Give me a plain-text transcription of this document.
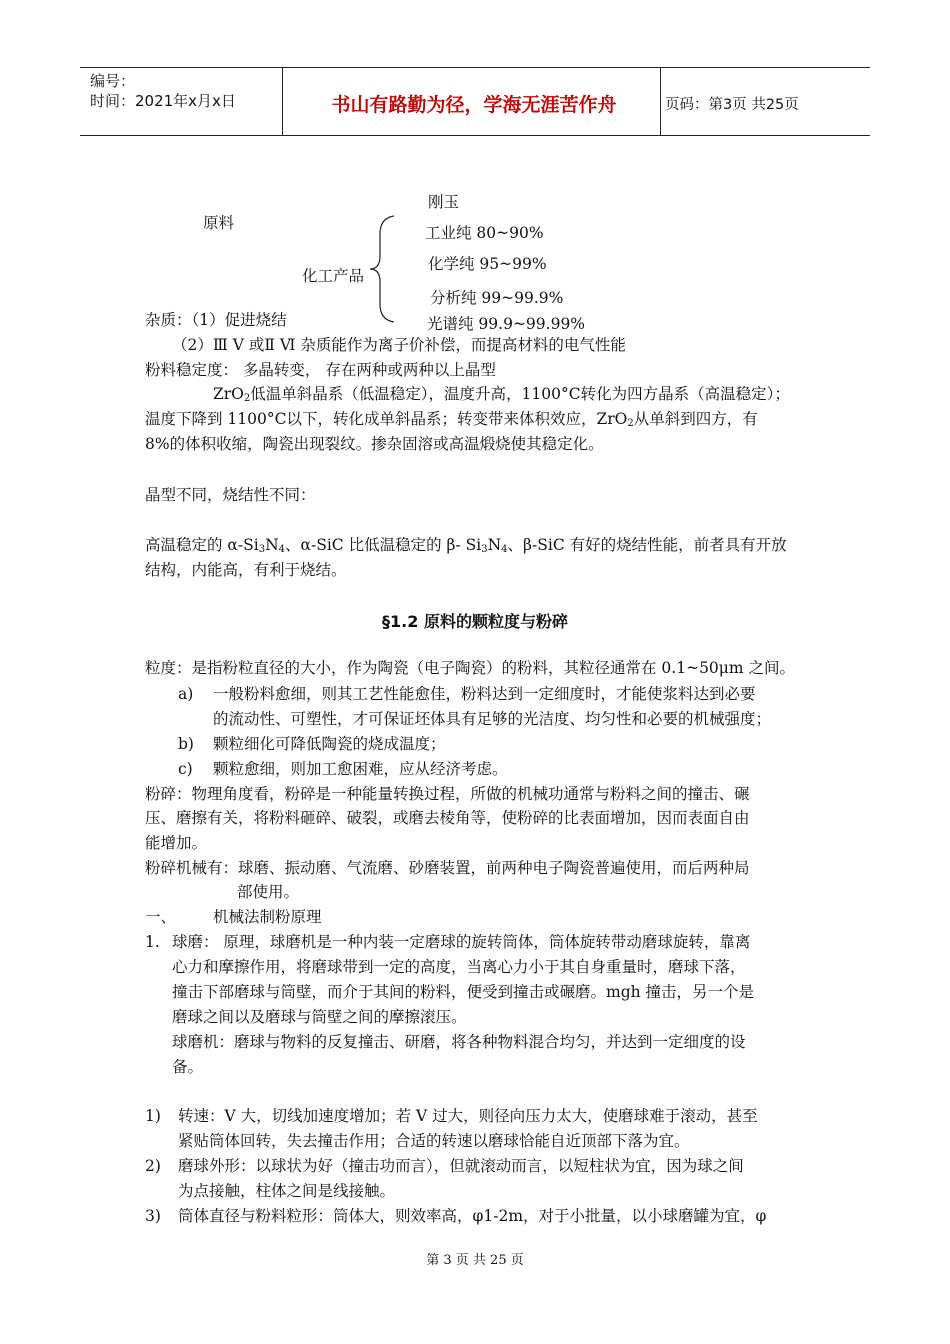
编号：
时间：2021年x月x日	书山有路勤为径，学海无涯苦作舟	页码：第3页 共25页
原料
刚玉
化工产品
工业纯 80~90%
化学纯 95~99%
分析纯 99~99.9%
光谱纯 99.9~99.99%
杂质：（1）促进烧结
（2）Ⅲ Ⅴ 或Ⅱ Ⅵ 杂质能作为离子价补偿，而提高材料的电气性能
粉料稳定度： 多晶转变， 存在两种或两种以上晶型
ZrO$_2$低温单斜晶系（低温稳定），温度升高，1100°C转化为四方晶系（高温稳定）；
温度下降到 1100°C以下，转化成单斜晶系；转变带来体积效应，ZrO$_2$从单斜到四方，有
8%的体积收缩，陶瓷出现裂纹。掺杂固溶或高温煅烧使其稳定化。
晶型不同，烧结性不同：
高温稳定的 $\alpha-Si_3N_4$、α-SiC 比低温稳定的 β- $Si_3N_4$、β-SiC 有好的烧结性能，前者具有开放
结构，内能高，有利于烧结。
§1.2 原料的颗粒度与粉碎
粒度：是指粉粒直径的大小，作为陶瓷（电子陶瓷）的粉料，其粒径通常在 0.1~50μm 之间。
a) 一般粉料愈细，则其工艺性能愈佳，粉料达到一定细度时，才能使浆料达到必要
的流动性、可塑性，才可保证坯体具有足够的光洁度、均匀性和必要的机械强度；
b) 颗粒细化可降低陶瓷的烧成温度；
c) 颗粒愈细，则加工愈困难，应从经济考虑。
粉碎：物理角度看，粉碎是一种能量转换过程，所做的机械功通常与粉料之间的撞击、碾
压、磨擦有关，将粉料砸碎、破裂，或磨去棱角等，使粉碎的比表面增加，因而表面自由
能增加。
粉碎机械有：球磨、振动磨、气流磨、砂磨装置，前两种电子陶瓷普遍使用，而后两种局
部使用。
一、 机械法制粉原理
1. 球磨： 原理，球磨机是一种内装一定磨球的旋转筒体，筒体旋转带动磨球旋转，靠离
心力和摩擦作用，将磨球带到一定的高度，当离心力小于其自身重量时，磨球下落，
撞击下部磨球与筒壁，而介于其间的粉料，便受到撞击或碾磨。mgh 撞击，另一个是
磨球之间以及磨球与筒壁之间的摩擦滚压。
球磨机：磨球与物料的反复撞击、研磨，将各种物料混合均匀，并达到一定细度的设
备。
1) 转速：V 大，切线加速度增加；若 V 过大，则径向压力太大，使磨球难于滚动，甚至
紧贴筒体回转，失去撞击作用；合适的转速以磨球恰能自近顶部下落为宜。
2) 磨球外形：以球状为好（撞击功而言），但就滚动而言，以短柱状为宜，因为球之间
为点接触，柱体之间是线接触。
3) 筒体直径与粉料粒形：筒体大，则效率高，φ1-2m，对于小批量，以小球磨罐为宜，φ
第 3 页 共 25 页
